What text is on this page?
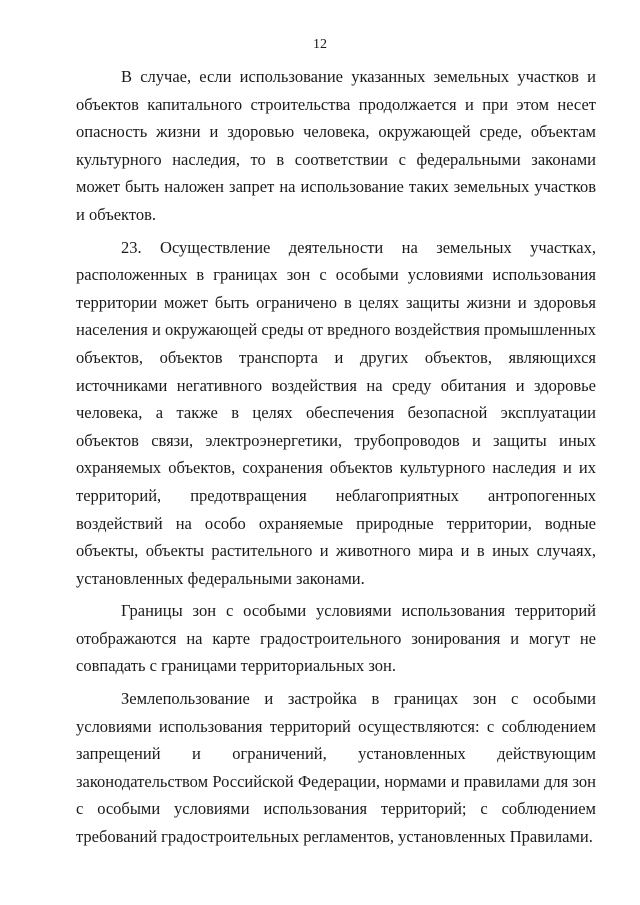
12

В случае, если использование указанных земельных участков и объектов капитального строительства продолжается и при этом несет опасность жизни и здоровью человека, окружающей среде, объектам культурного наследия, то в соответствии с федеральными законами может быть наложен запрет на использование таких земельных участков и объектов.

23. Осуществление деятельности на земельных участках, расположенных в границах зон с особыми условиями использования территории может быть ограничено в целях защиты жизни и здоровья населения и окружающей среды от вредного воздействия промышленных объектов, объектов транспорта и других объектов, являющихся источниками негативного воздействия на среду обитания и здоровье человека, а также в целях обеспечения безопасной эксплуатации объектов связи, электроэнергетики, трубопроводов и защиты иных охраняемых объектов, сохранения объектов культурного наследия и их территорий, предотвращения неблагоприятных антропогенных воздействий на особо охраняемые природные территории, водные объекты, объекты растительного и животного мира и в иных случаях, установленных федеральными законами.

Границы зон с особыми условиями использования территорий отображаются на карте градостроительного зонирования и могут не совпадать с границами территориальных зон.

Землепользование и застройка в границах зон с особыми условиями использования территорий осуществляются: с соблюдением запрещений и ограничений, установленных действующим законодательством Российской Федерации, нормами и правилами для зон с особыми условиями использования территорий; с соблюдением требований градостроительных регламентов, установленных Правилами.
